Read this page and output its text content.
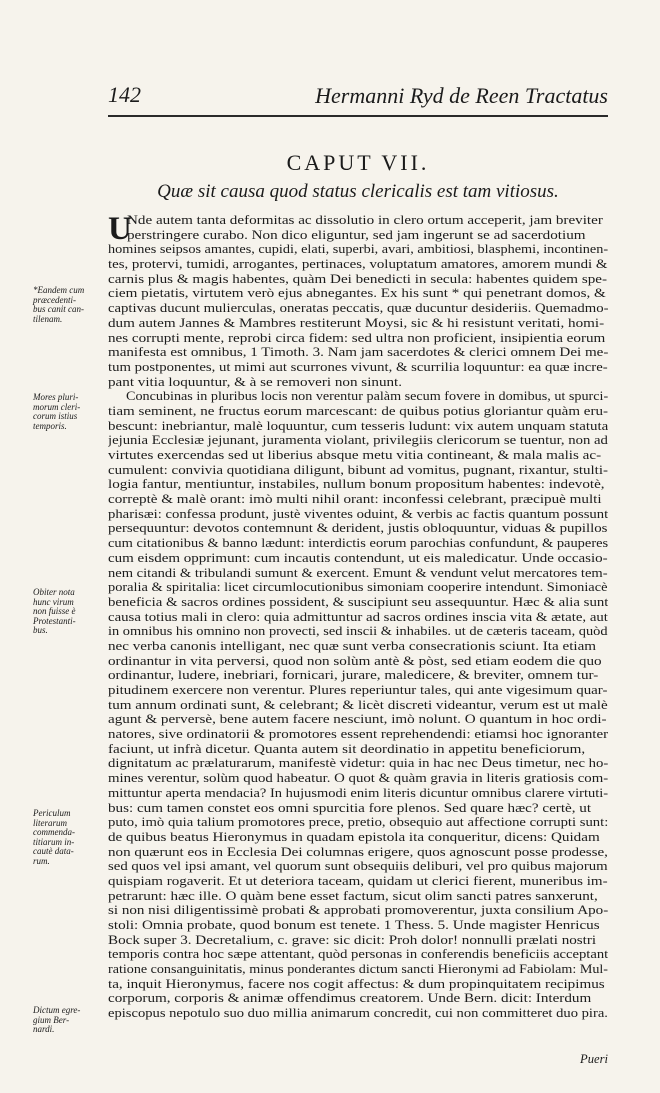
142	Hermanni Ryd de Reen Tractatus
CAPUT VII.
Quæ sit causa quod status clericalis est tam vitiosus.
U
Nde autem tanta deformitas ac dissolutio in clero ortum acceperit, jam breviter
perstringere curabo. Non dico eliguntur, sed jam ingerunt se ad sacerdotium
homines seipsos amantes, cupidi, elati, superbi, avari, ambitiosi, blasphemi, incontinen-
tes, protervi, tumidi, arrogantes, pertinaces, voluptatum amatores, amorem mundi &
carnis plus & magis habentes, quàm Dei benedicti in secula: habentes quidem spe-
ciem pietatis, virtutem verò ejus abnegantes. Ex his sunt * qui penetrant domos, &
captivas ducunt mulierculas, oneratas peccatis, quæ ducuntur desideriis. Quemadmo-
dum autem Jannes & Mambres restiterunt Moysi, sic & hi resistunt veritati, homi-
nes corrupti mente, reprobi circa fidem: sed ultra non proficient, insipientia eorum
manifesta est omnibus, 1 Timoth. 3. Nam jam sacerdotes & clerici omnem Dei me-
tum postponentes, ut mimi aut scurrones vivunt, & scurrilia loquuntur: ea quæ incre-
pant vitia loquuntur, & à se removeri non sinunt.
Concubinas in pluribus locis non verentur palàm secum fovere in domibus, ut spurci-
tiam seminent, ne fructus eorum marcescant: de quibus potius gloriantur quàm eru-
bescunt: inebriantur, malè loquuntur, cum tesseris ludunt: vix autem unquam statuta
jejunia Ecclesiæ jejunant, juramenta violant, privilegiis clericorum se tuentur, non ad
virtutes exercendas sed ut liberius absque metu vitia contineant, & mala malis ac-
cumulent: convivia quotidiana diligunt, bibunt ad vomitus, pugnant, rixantur, stulti-
logia fantur, mentiuntur, instabiles, nullum bonum propositum habentes: indevotè,
correptè & malè orant: imò multi nihil orant: inconfessi celebrant, præcipuè multi
pharisæi: confessa produnt, justè viventes oduint, & verbis ac factis quantum possunt
persequuntur: devotos contemnunt & derident, justis obloquuntur, viduas & pupillos
cum citationibus & banno lædunt: interdictis eorum parochias confundunt, & pauperes
cum eisdem opprimunt: cum incautis contendunt, ut eis maledicatur. Unde occasio-
nem citandi & tribulandi sumunt & exercent. Emunt & vendunt velut mercatores tem-
poralia & spiritalia: licet circumlocutionibus simoniam cooperire intendunt. Simoniacè
beneficia & sacros ordines possident, & suscipiunt seu assequuntur. Hæc & alia sunt
causa totius mali in clero: quia admittuntur ad sacros ordines inscia vita & ætate, aut
in omnibus his omnino non proveсti, sed inscii & inhabiles. ut de cæteris taceam, quòd
nec verba canonis intelligant, nec quæ sunt verba consecrationis sciunt. Ita etiam
ordinantur in vita perversi, quod non solùm antè & pòst, sed etiam eodem die quo
ordinantur, ludere, inebriari, fornicari, jurare, maledicere, & breviter, omnem tur-
pitudinem exercere non verentur. Plures reperiuntur tales, qui ante vigesimum quar-
tum annum ordinati sunt, & celebrant; & licèt discreti videantur, verum est ut malè
agunt & perversè, bene autem facere nesciunt, imò nolunt. O quantum in hoc ordi-
natores, sive ordinatorii & promotores essent reprehendendi: etiamsi hoc ignoranter
faciunt, ut infrà dicetur. Quanta autem sit deordinatio in appetitu beneficiorum,
dignitatum ac prælaturarum, manifestè videtur: quia in hac nec Deus timetur, nec ho-
mines verentur, solùm quod habeatur. O quot & quàm gravia in literis gratiosis com-
mittuntur aperta mendacia? In hujusmodi enim literis dicuntur omnibus clarere virtuti-
bus: cum tamen constet eos omni spurcitia fore plenos. Sed quare hæc? certè, ut
puto, imò quia talium promotores prece, pretio, obsequio aut affectione corrupti sunt:
de quibus beatus Hieronymus in quadam epistola ita conqueritur, dicens: Quidam
non quærunt eos in Ecclesia Dei columnas erigere, quos agnoscunt posse prodesse,
sed quos vel ipsi amant, vel quorum sunt obsequiis deliburi, vel pro quibus majorum
quispiam rogaverit. Et ut deteriora taceam, quidam ut clerici fierent, muneribus im-
petrarunt: hæc ille. O quàm bene esset factum, sicut olim sancti patres sanxerunt,
si non nisi diligentissimè probati & approbati promoverentur, juxta consilium Apo-
stoli: Omnia probate, quod bonum est tenete. 1 Thess. 5. Unde magister Henricus
Bock super 3. Decretalium, c. grave: sic dicit: Proh dolor! nonnulli prælati nostri
temporis contra hoc sæpe attentant, quòd personas in conferendis beneficiis acceptant
ratione consanguinitatis, minus ponderantes dictum sancti Hieronymi ad Fabiolam: Mul-
ta, inquit Hieronymus, facere nos cogit affectus: & dum propinquitatem recipimus
corporum, corporis & animæ offendimus creatorem. Unde Bern. dicit: Interdum
episcopus nepotulo suo duo millia animarum concredit, cui non committeret duo pira.
*Eandem cum
præcedenti-
bus canit can-
tilenam.
Mores pluri-
morum cleri-
corum istius
temporis.
Obiter nota
hunc virum
non fuisse è
Protestanti-
bus.
Periculum
literarum
commenda-
titiarum in-
cautè data-
rum.
Dictum egre-
gium Ber-
nardi.
Pueri
